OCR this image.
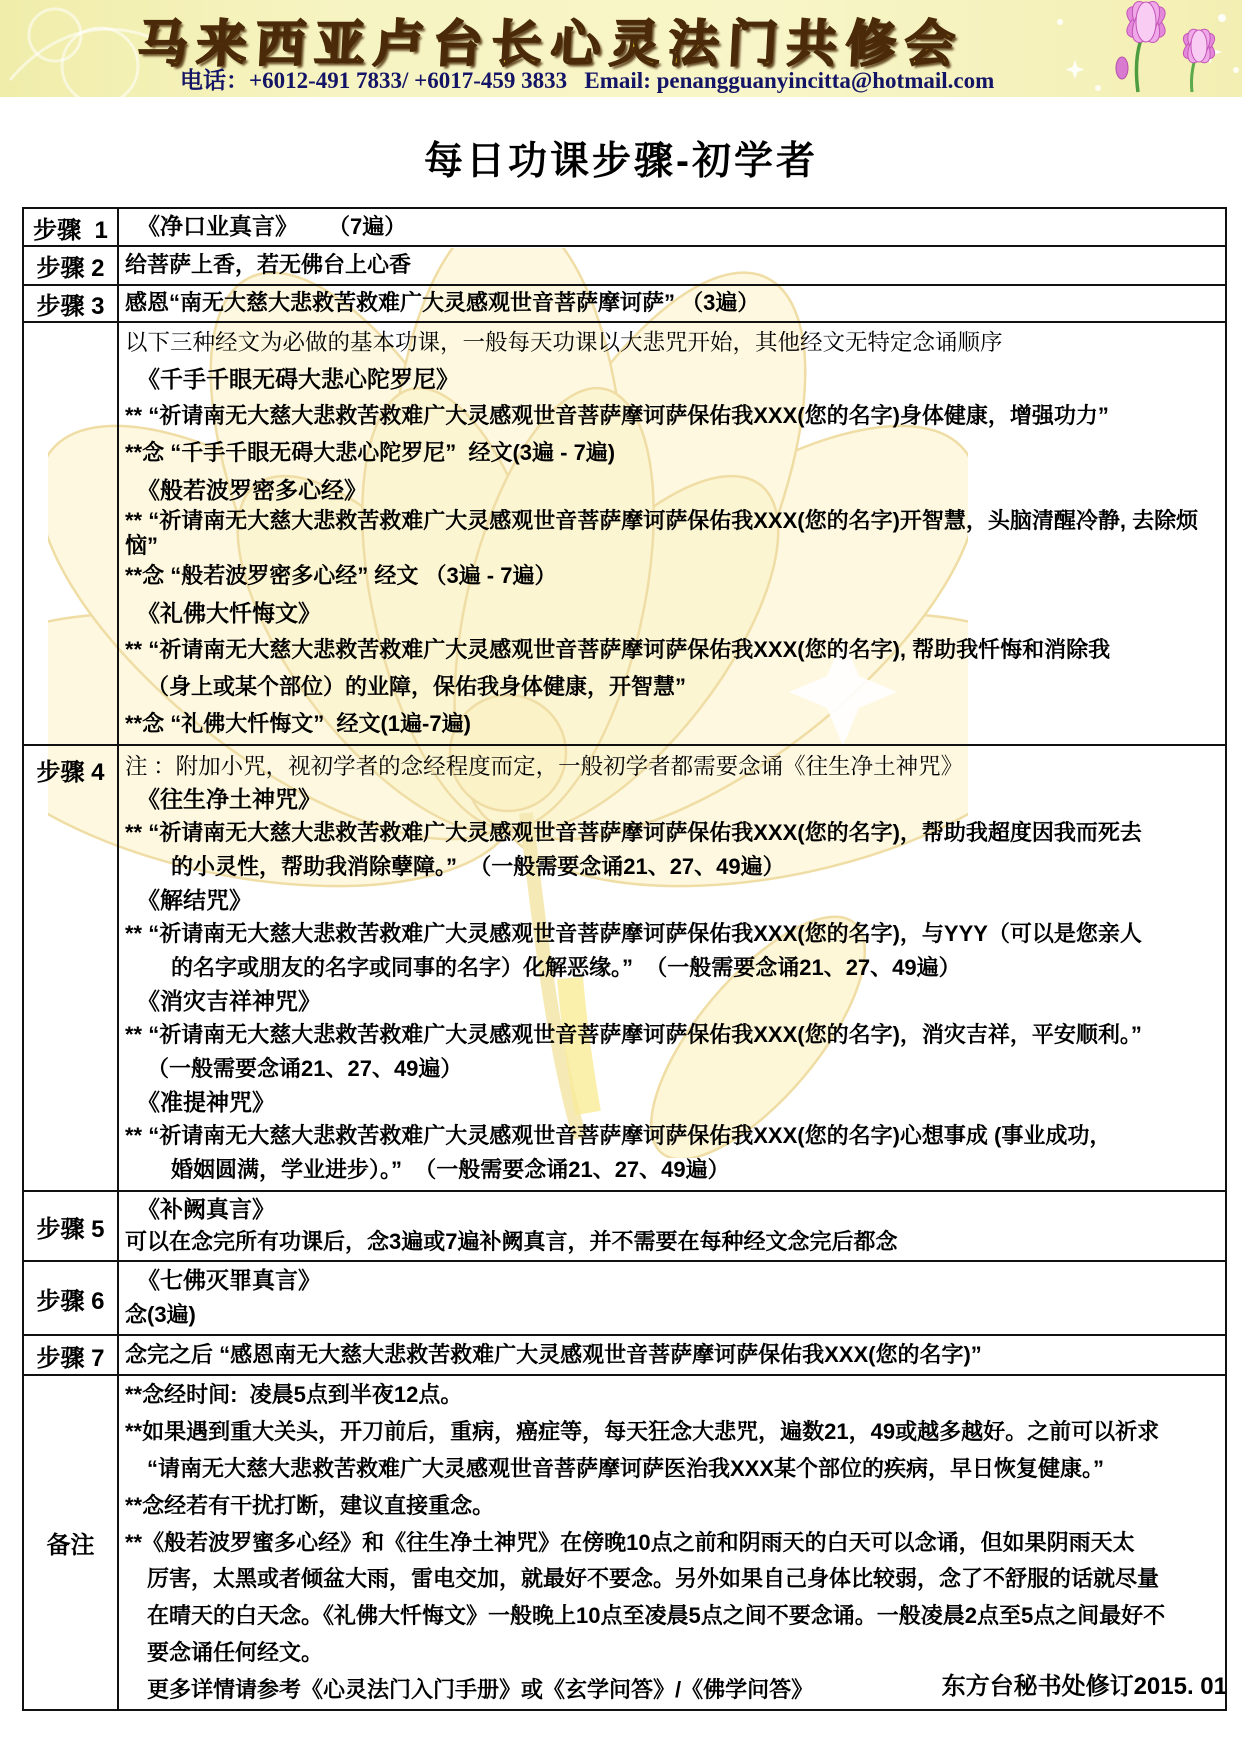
马来西亚卢台长心灵法门共修会
电话：+6012-491 7833/ +6017-459 3833   Email: penangguanyincitta@hotmail.com
每日功课步骤-初学者
步骤  1	《净口业真言》 （7遍）

步骤 2	给菩萨上香，若无佛台上心香

步骤 3	感恩“南无大慈大悲救苦救难广大灵感观世音菩萨摩诃萨” （3遍）

以下三种经文为必做的基本功课，一般每天功课以大悲咒开始，其他经文无特定念诵顺序
《千手千眼无碍大悲心陀罗尼》
** “祈请南无大慈大悲救苦救难广大灵感观世音菩萨摩诃萨保佑我XXX(您的名字)身体健康，增强功力”
**念 “千手千眼无碍大悲心陀罗尼”  经文(3遍 - 7遍)
《般若波罗密多心经》
** “祈请南无大慈大悲救苦救难广大灵感观世音菩萨摩诃萨保佑我XXX(您的名字)开智慧，头脑清醒冷静, 去除烦恼”
**念 “般若波罗密多心经” 经文 （3遍 - 7遍）
《礼佛大忏悔文》
** “祈请南无大慈大悲救苦救难广大灵感观世音菩萨摩诃萨保佑我XXX(您的名字), 帮助我忏悔和消除我
（身上或某个部位）的业障，保佑我身体健康，开智慧”
**念 “礼佛大忏悔文”  经文(1遍-7遍)

步骤 4	注 ：附加小咒，视初学者的念经程度而定，一般初学者都需要念诵《往生净土神咒》
《往生净土神咒》
** “祈请南无大慈大悲救苦救难广大灵感观世音菩萨摩诃萨保佑我XXX(您的名字)，帮助我超度因我而死去
的小灵性，帮助我消除孽障。”  （一般需要念诵21、27、49遍）
《解结咒》
** “祈请南无大慈大悲救苦救难广大灵感观世音菩萨摩诃萨保佑我XXX(您的名字)，与YYY（可以是您亲人
的名字或朋友的名字或同事的名字）化解恶缘。”  （一般需要念诵21、27、49遍）
《消灾吉祥神咒》
** “祈请南无大慈大悲救苦救难广大灵感观世音菩萨摩诃萨保佑我XXX(您的名字)，消灾吉祥，平安顺利。”
（一般需要念诵21、27、49遍）
《准提神咒》
** “祈请南无大慈大悲救苦救难广大灵感观世音菩萨摩诃萨保佑我XXX(您的名字)心想事成 (事业成功，
婚姻圆满，学业进步）。”  （一般需要念诵21、27、49遍）

步骤 5	《补阙真言》
可以在念完所有功课后，念3遍或7遍补阙真言，并不需要在每种经文念完后都念

步骤 6	《七佛灭罪真言》
念(3遍)

步骤 7	念完之后 “感恩南无大慈大悲救苦救难广大灵感观世音菩萨摩诃萨保佑我XXX(您的名字)”

备注	
**念经时间:  凌晨5点到半夜12点。
**如果遇到重大关头，开刀前后，重病，癌症等，每天狂念大悲咒，遍数21，49或越多越好。之前可以祈求
“请南无大慈大悲救苦救难广大灵感观世音菩萨摩诃萨医治我XXX某个部位的疾病，早日恢复健康。”
**念经若有干扰打断，建议直接重念。
**《般若波罗蜜多心经》和《往生净土神咒》在傍晚10点之前和阴雨天的白天可以念诵，但如果阴雨天太
厉害，太黑或者倾盆大雨，雷电交加，就最好不要念。另外如果自己身体比较弱，念了不舒服的话就尽量
在晴天的白天念。《礼佛大忏悔文》一般晚上10点至凌晨5点之间不要念诵。一般凌晨2点至5点之间最好不
要念诵任何经文。
更多详情请参考《心灵法门入门手册》或《玄学问答》/《佛学问答》	东方台秘书处修订2015. 01
